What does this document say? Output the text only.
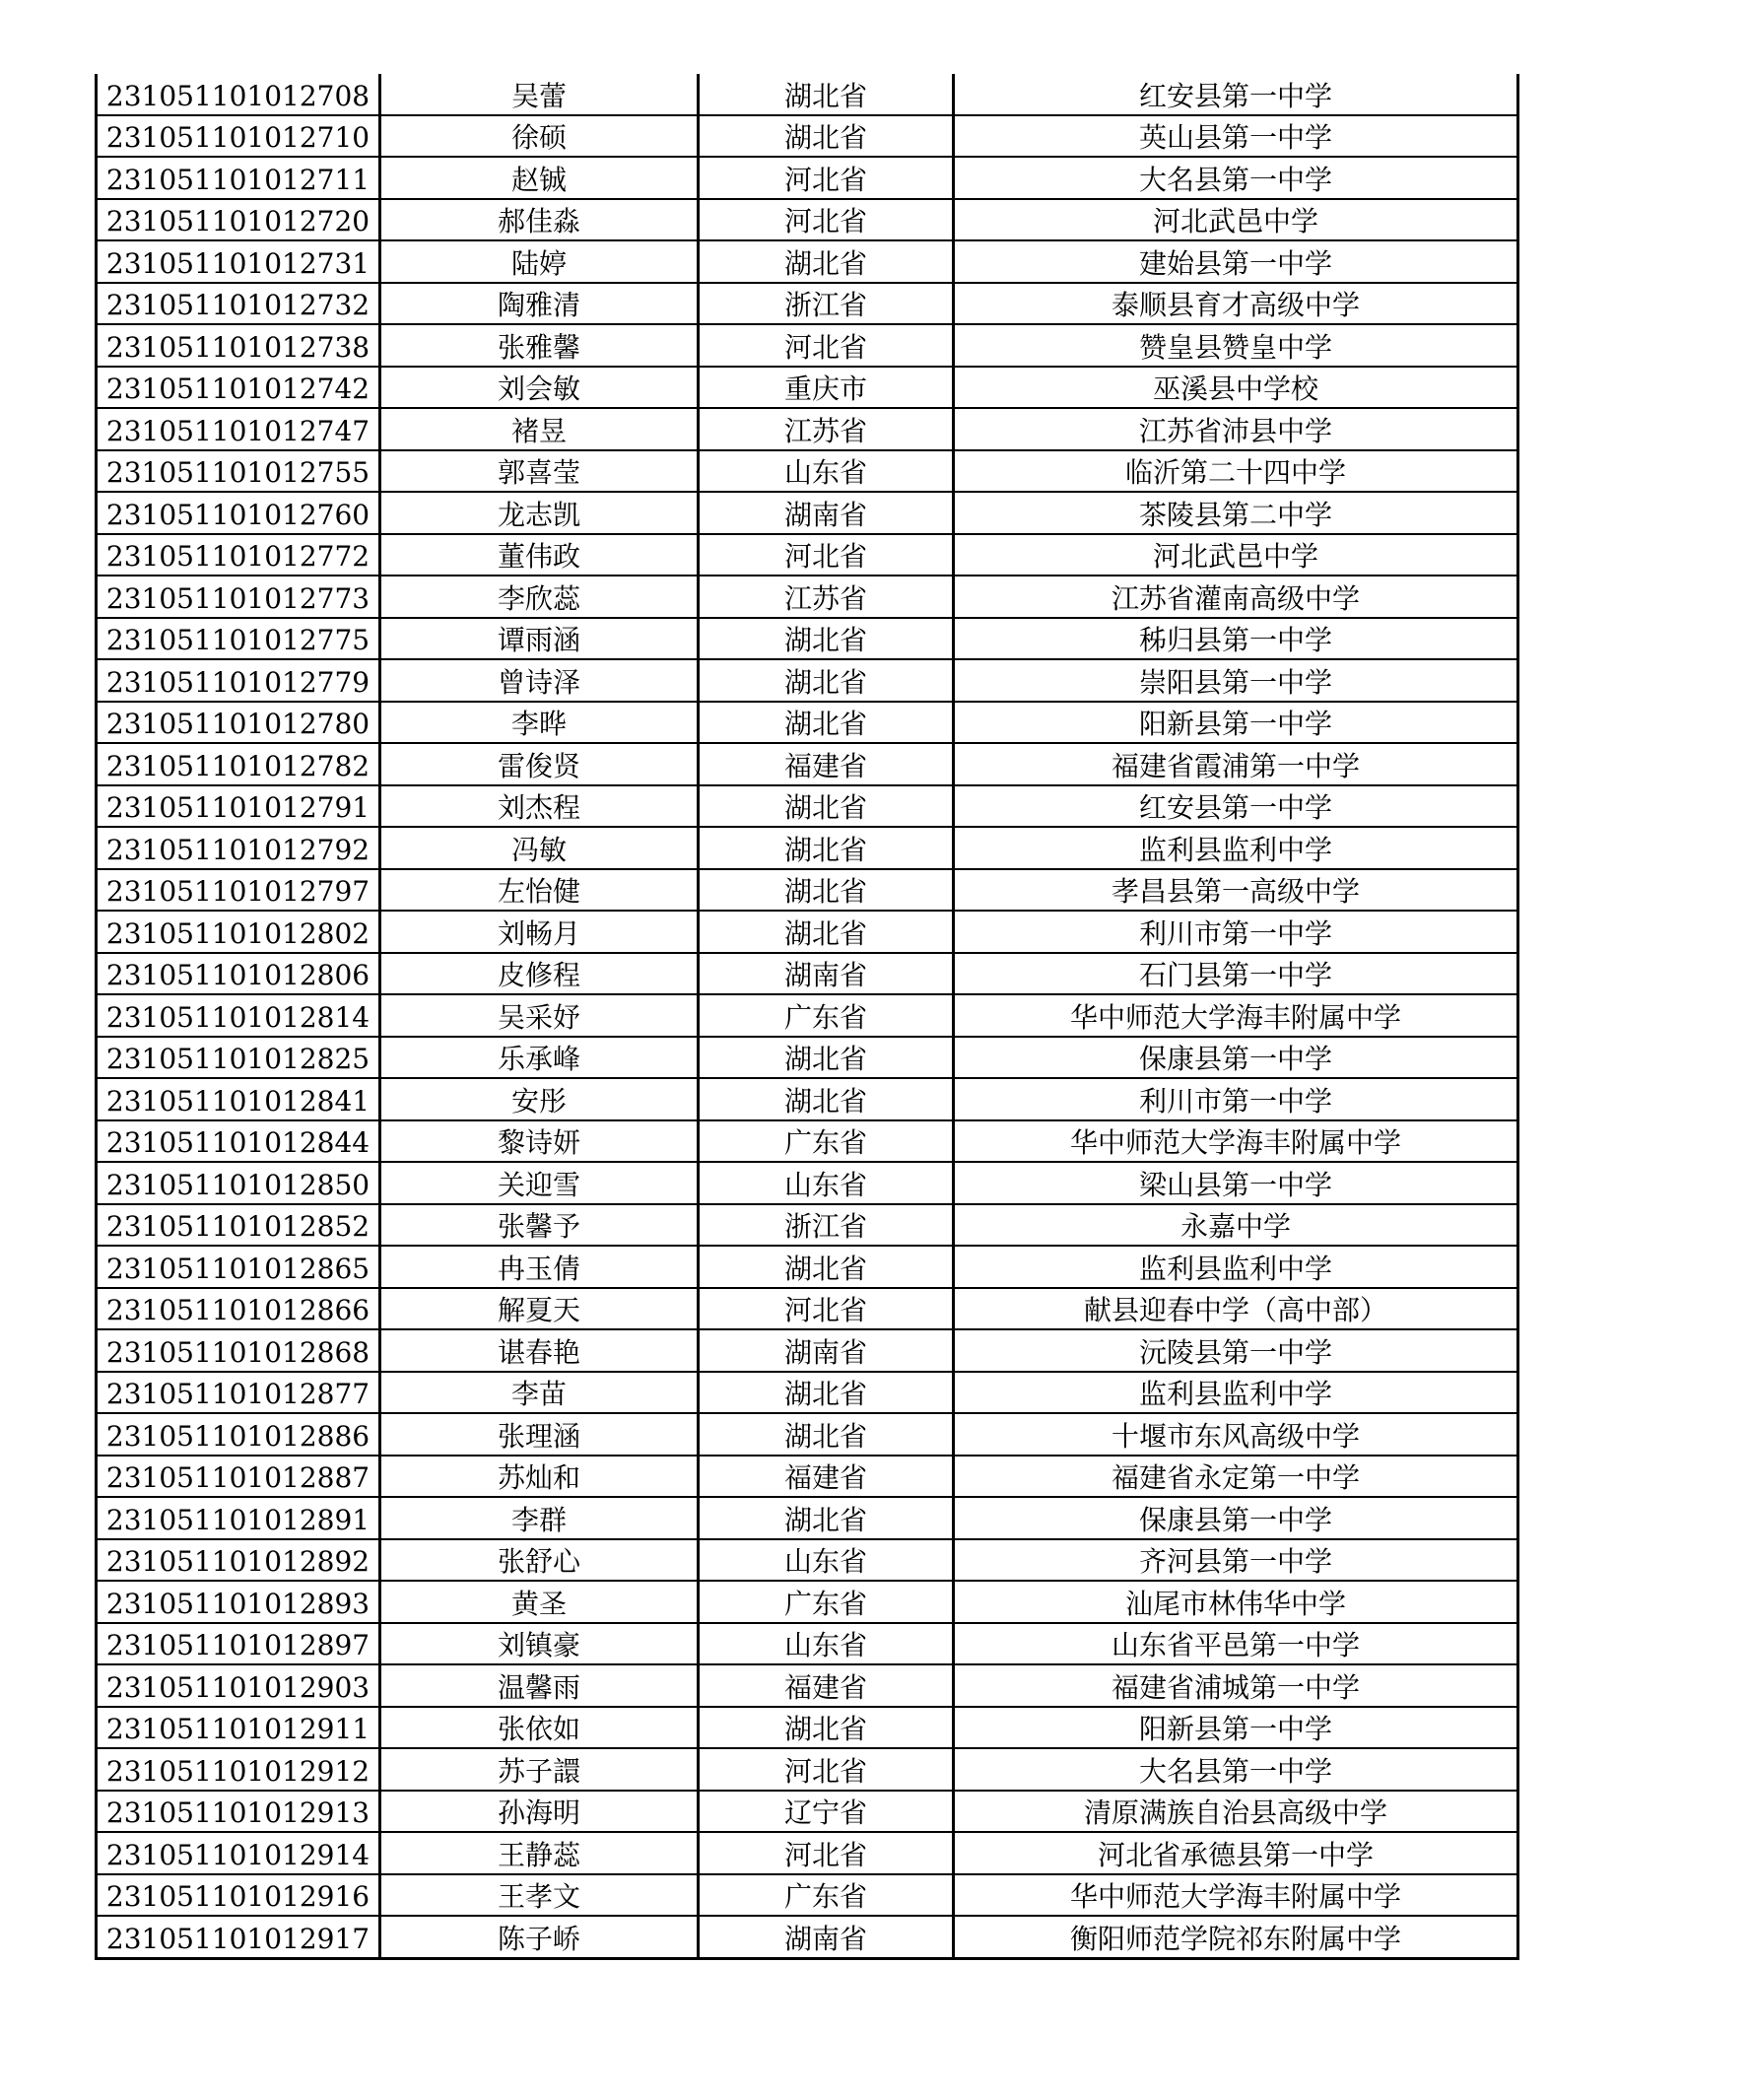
231051101012708	吴蕾	湖北省	红安县第一中学
231051101012710	徐硕	湖北省	英山县第一中学
231051101012711	赵铖	河北省	大名县第一中学
231051101012720	郝佳淼	河北省	河北武邑中学
231051101012731	陆婷	湖北省	建始县第一中学
231051101012732	陶雅清	浙江省	泰顺县育才高级中学
231051101012738	张雅馨	河北省	赞皇县赞皇中学
231051101012742	刘会敏	重庆市	巫溪县中学校
231051101012747	褚昱	江苏省	江苏省沛县中学
231051101012755	郭喜莹	山东省	临沂第二十四中学
231051101012760	龙志凯	湖南省	茶陵县第二中学
231051101012772	董伟政	河北省	河北武邑中学
231051101012773	李欣蕊	江苏省	江苏省灌南高级中学
231051101012775	谭雨涵	湖北省	秭归县第一中学
231051101012779	曾诗泽	湖北省	崇阳县第一中学
231051101012780	李晔	湖北省	阳新县第一中学
231051101012782	雷俊贤	福建省	福建省霞浦第一中学
231051101012791	刘杰程	湖北省	红安县第一中学
231051101012792	冯敏	湖北省	监利县监利中学
231051101012797	左怡健	湖北省	孝昌县第一高级中学
231051101012802	刘畅月	湖北省	利川市第一中学
231051101012806	皮修程	湖南省	石门县第一中学
231051101012814	吴采妤	广东省	华中师范大学海丰附属中学
231051101012825	乐承峰	湖北省	保康县第一中学
231051101012841	安彤	湖北省	利川市第一中学
231051101012844	黎诗妍	广东省	华中师范大学海丰附属中学
231051101012850	关迎雪	山东省	梁山县第一中学
231051101012852	张馨予	浙江省	永嘉中学
231051101012865	冉玉倩	湖北省	监利县监利中学
231051101012866	解夏天	河北省	献县迎春中学（高中部）
231051101012868	谌春艳	湖南省	沅陵县第一中学
231051101012877	李苗	湖北省	监利县监利中学
231051101012886	张理涵	湖北省	十堰市东风高级中学
231051101012887	苏灿和	福建省	福建省永定第一中学
231051101012891	李群	湖北省	保康县第一中学
231051101012892	张舒心	山东省	齐河县第一中学
231051101012893	黄圣	广东省	汕尾市林伟华中学
231051101012897	刘镇豪	山东省	山东省平邑第一中学
231051101012903	温馨雨	福建省	福建省浦城第一中学
231051101012911	张依如	湖北省	阳新县第一中学
231051101012912	苏子譞	河北省	大名县第一中学
231051101012913	孙海明	辽宁省	清原满族自治县高级中学
231051101012914	王静蕊	河北省	河北省承德县第一中学
231051101012916	王孝文	广东省	华中师范大学海丰附属中学
231051101012917	陈子峤	湖南省	衡阳师范学院祁东附属中学
